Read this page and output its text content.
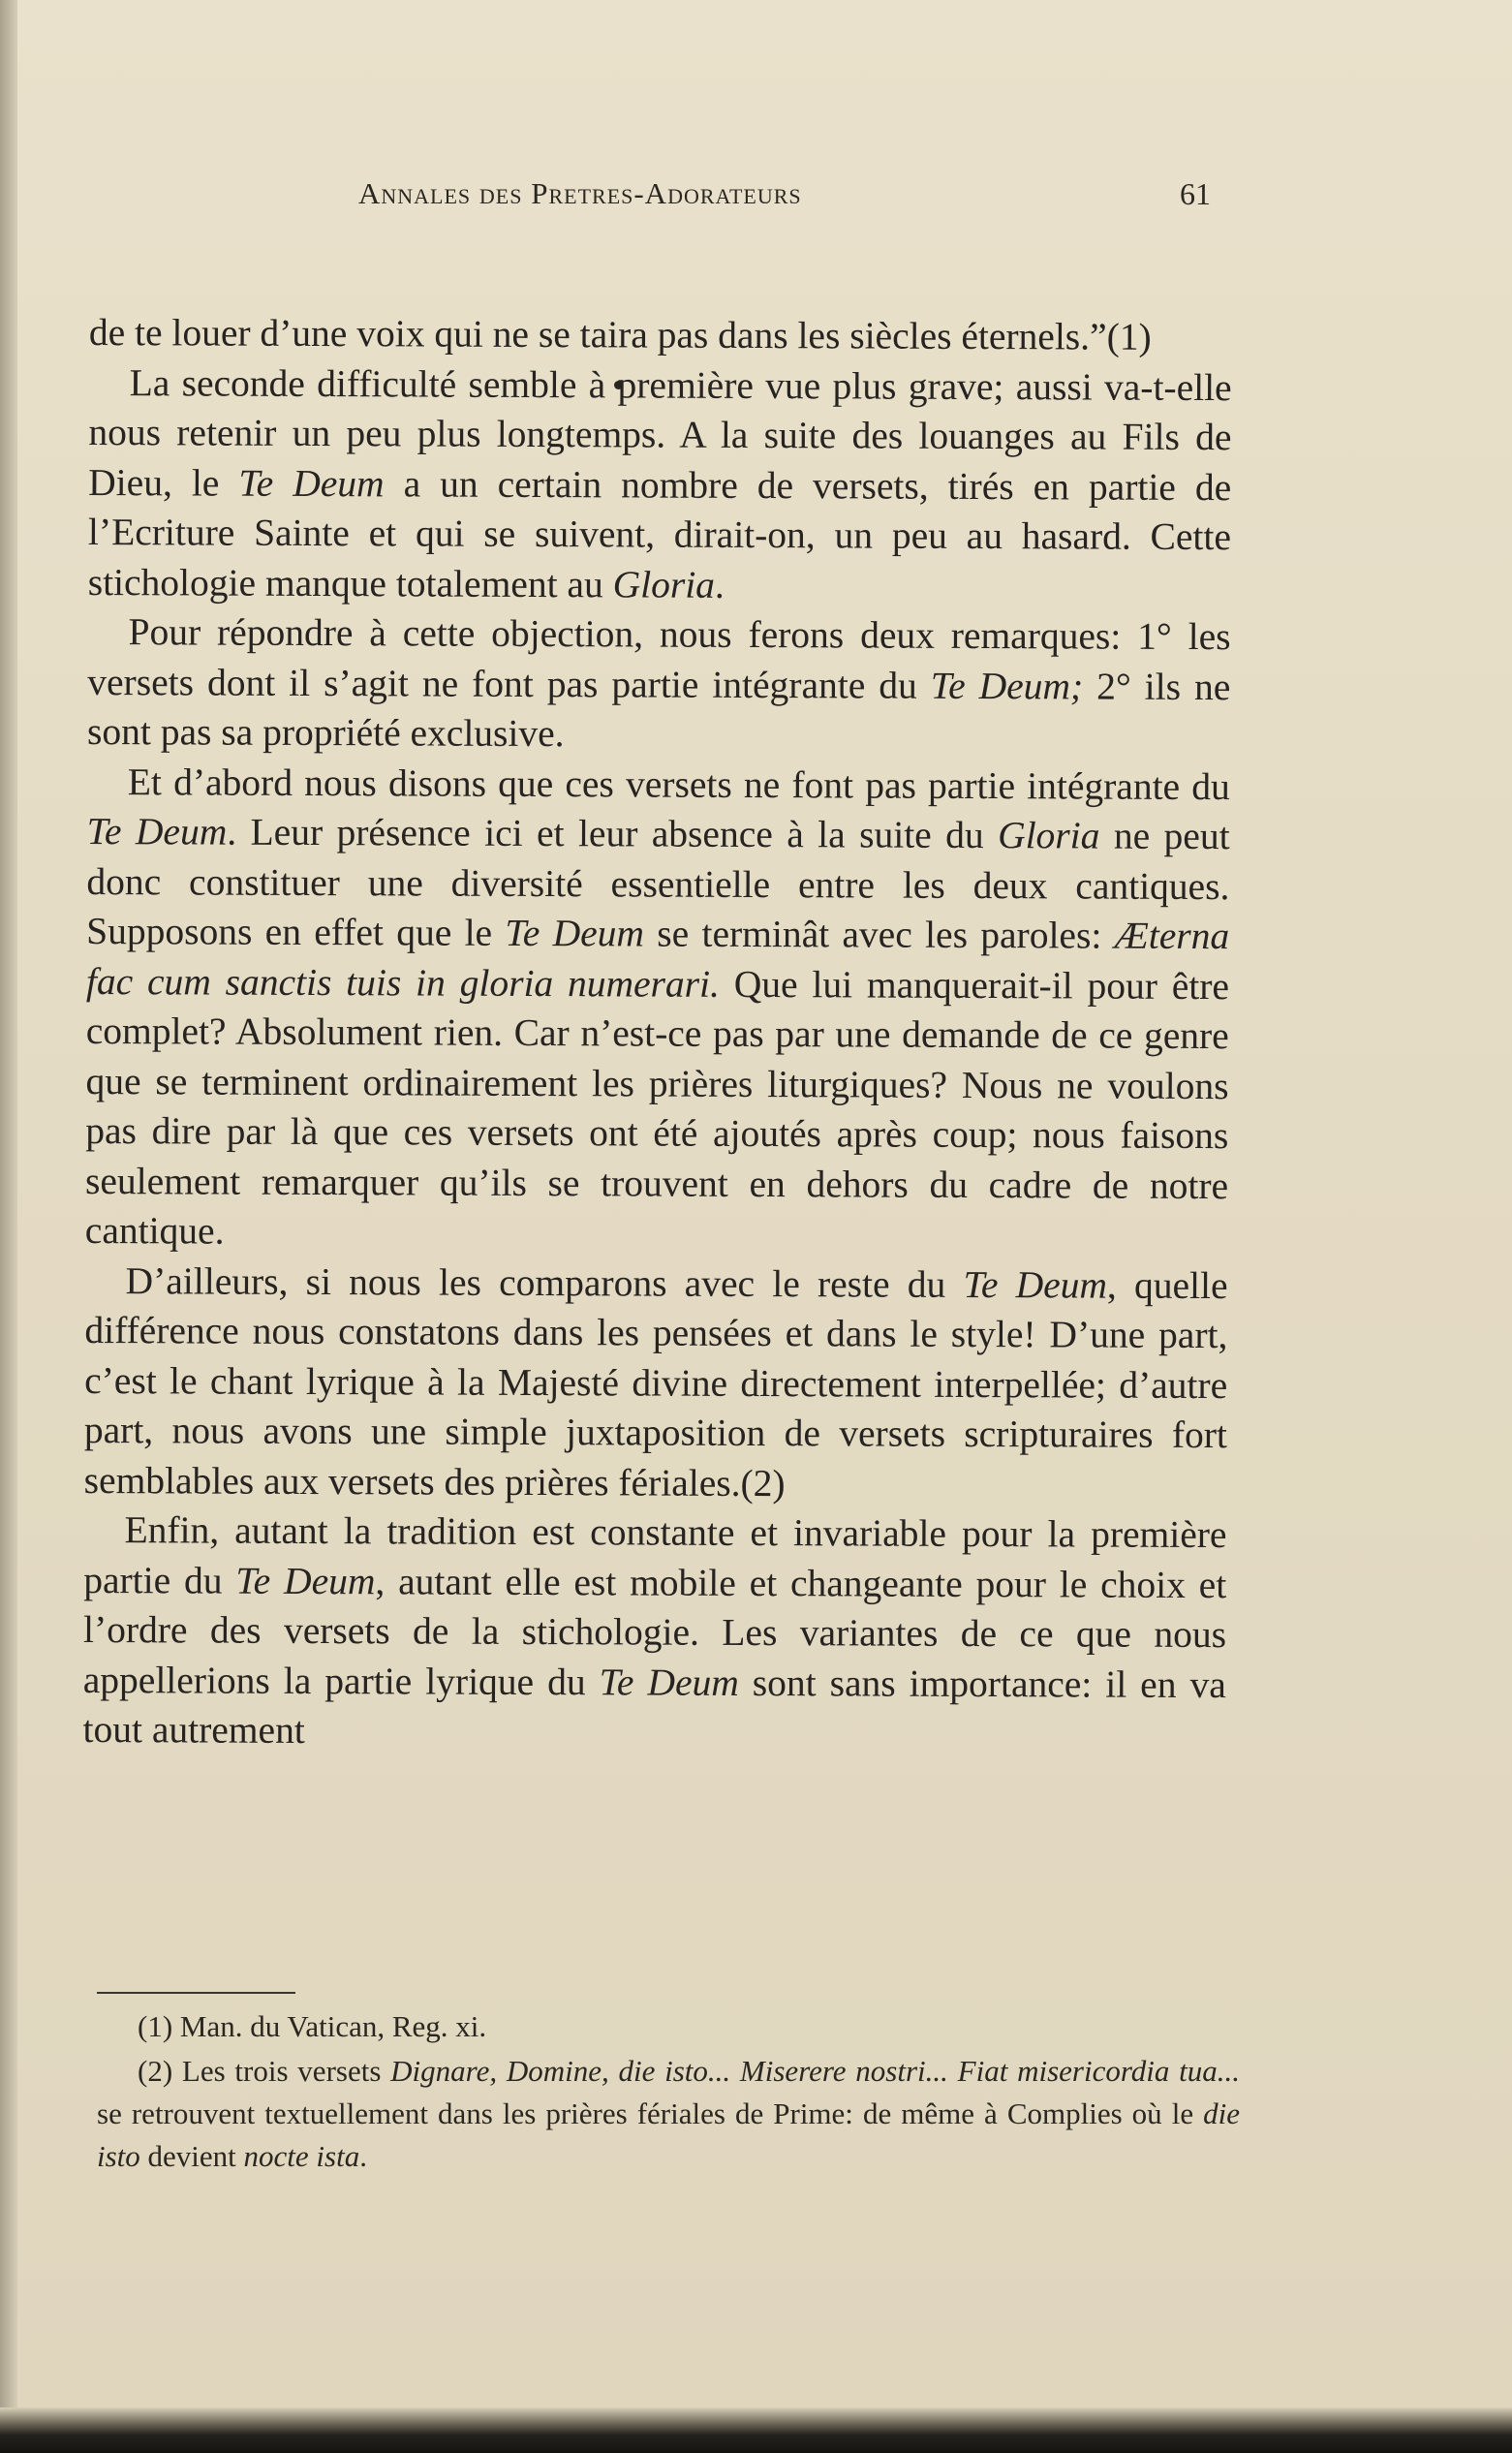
Annales des Pretres-Adorateurs	61

de te louer d’une voix qui ne se taira pas dans les siècles éternels.”(1)

La seconde difficulté semble à première vue plus grave; aussi va-t-elle nous retenir un peu plus longtemps. A la suite des louanges au Fils de Dieu, le Te Deum a un certain nombre de versets, tirés en partie de l’Ecriture Sainte et qui se suivent, dirait-on, un peu au hasard. Cette stichologie manque totalement au Gloria.

Pour répondre à cette objection, nous ferons deux remarques: 1° les versets dont il s’agit ne font pas partie intégrante du Te Deum; 2° ils ne sont pas sa propriété exclusive.

Et d’abord nous disons que ces versets ne font pas partie intégrante du Te Deum. Leur présence ici et leur absence à la suite du Gloria ne peut donc constituer une diversité essentielle entre les deux cantiques. Supposons en effet que le Te Deum se terminât avec les paroles: Æterna fac cum sanctis tuis in gloria numerari. Que lui manquerait-il pour être complet? Absolument rien. Car n’est-ce pas par une demande de ce genre que se terminent ordinairement les prières liturgiques? Nous ne voulons pas dire par là que ces versets ont été ajoutés après coup; nous faisons seulement remarquer qu’ils se trouvent en dehors du cadre de notre cantique.

D’ailleurs, si nous les comparons avec le reste du Te Deum, quelle différence nous constatons dans les pensées et dans le style! D’une part, c’est le chant lyrique à la Majesté divine directement interpellée; d’autre part, nous avons une simple juxtaposition de versets scripturaires fort semblables aux versets des prières fériales.(2)

Enfin, autant la tradition est constante et invariable pour la première partie du Te Deum, autant elle est mobile et changeante pour le choix et l’ordre des versets de la stichologie. Les variantes de ce que nous appellerions la partie lyrique du Te Deum sont sans importance: il en va tout autrement

(1) Man. du Vatican, Reg. xi.

(2) Les trois versets Dignare, Domine, die isto... Miserere nostri... Fiat misericordia tua... se retrouvent textuellement dans les prières fériales de Prime: de même à Complies où le die isto devient nocte ista.
